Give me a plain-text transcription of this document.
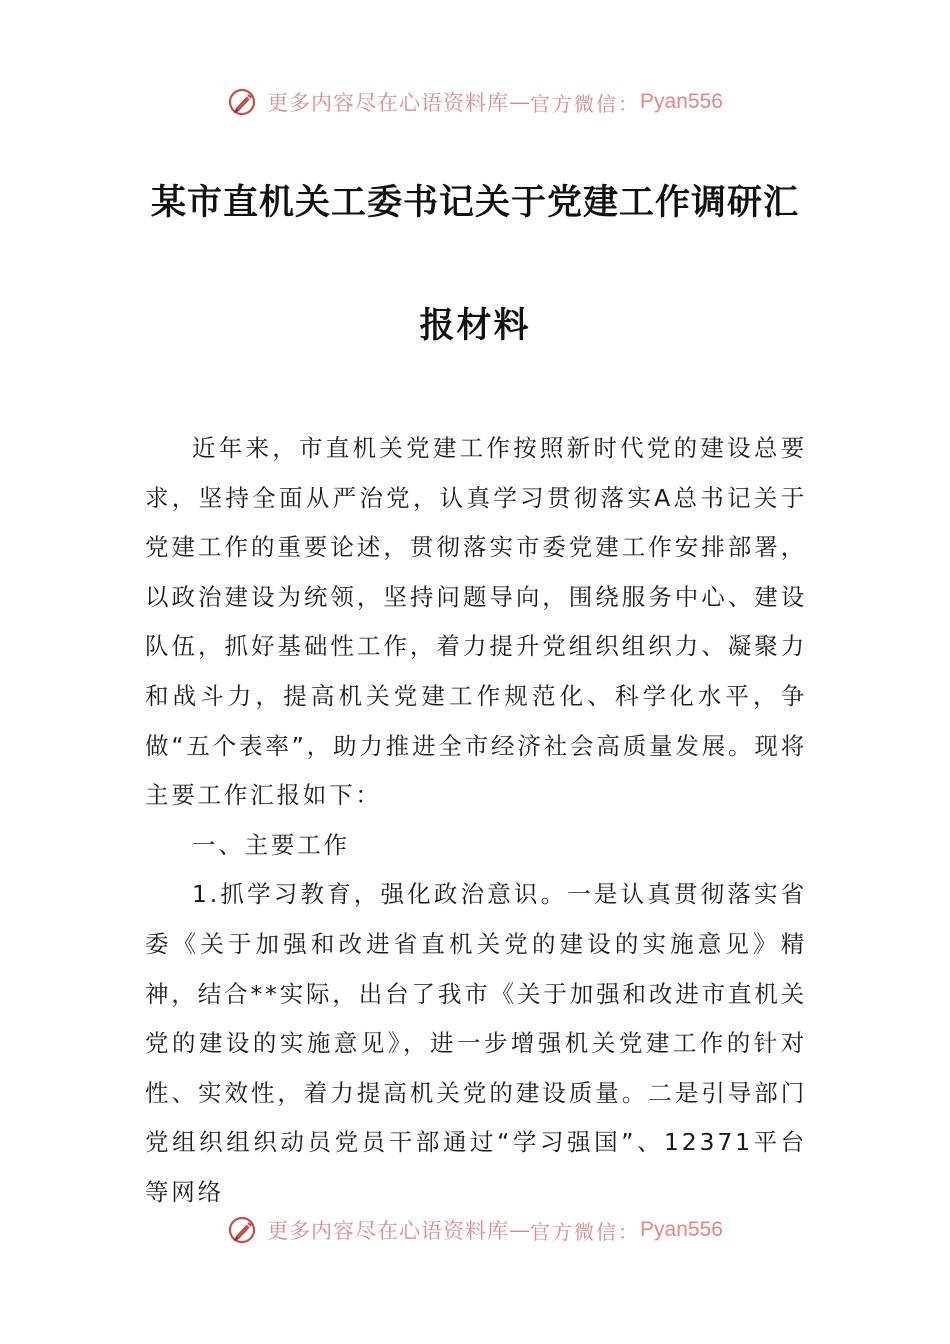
更多内容尽在心语资料库 — 官方微信： Pyan556
某市直机关工委书记关于党建工作调研汇
报材料

近年来，市直机关党建工作按照新时代党的建设总要求，坚持全面从严治党，认真学习贯彻落实A总书记关于党建工作的重要论述，贯彻落实市委党建工作安排部署，以政治建设为统领，坚持问题导向，围绕服务中心、建设队伍，抓好基础性工作，着力提升党组织组织力、凝聚力和战斗力，提高机关党建工作规范化、科学化水平，争做“五个表率”，助力推进全市经济社会高质量发展。现将主要工作汇报如下：

一、主要工作

1.抓学习教育，强化政治意识。一是认真贯彻落实省委《关于加强和改进省直机关党的建设的实施意见》精神，结合**实际，出台了我市《关于加强和改进市直机关党的建设的实施意见》，进一步增强机关党建工作的针对性、实效性，着力提高机关党的建设质量。二是引导部门党组织组织动员党员干部通过“学习强国”、12371平台等网络

更多内容尽在心语资料库 — 官方微信： Pyan556
